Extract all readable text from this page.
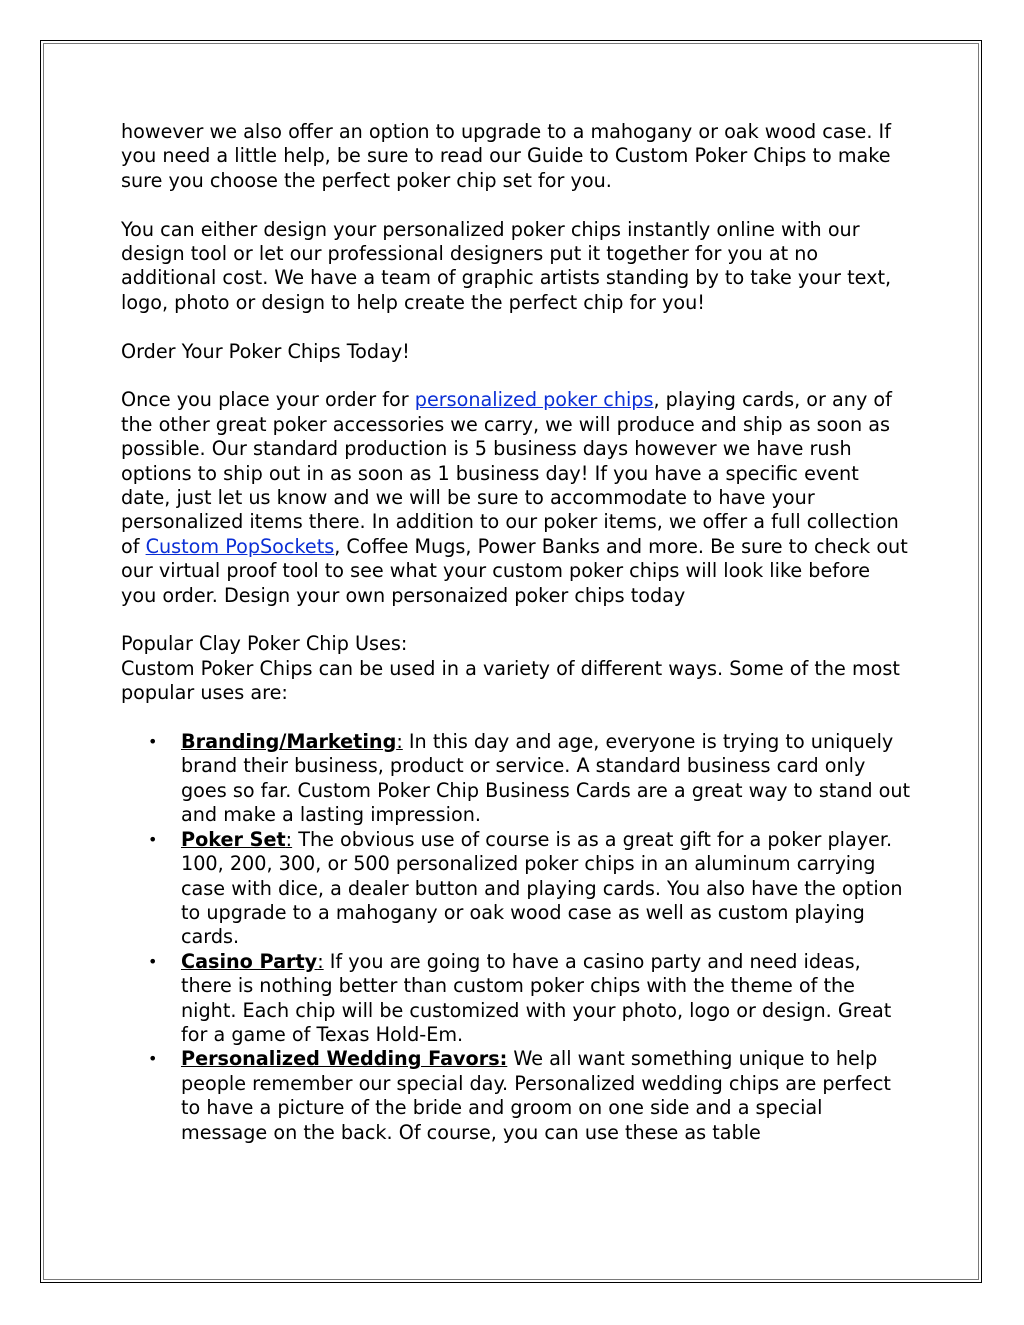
however we also offer an option to upgrade to a mahogany or oak wood case. If you need a little help, be sure to read our Guide to Custom Poker Chips to make sure you choose the perfect poker chip set for you.

You can either design your personalized poker chips instantly online with our design tool or let our professional designers put it together for you at no additional cost. We have a team of graphic artists standing by to take your text, logo, photo or design to help create the perfect chip for you!

Order Your Poker Chips Today!

Once you place your order for personalized poker chips, playing cards, or any of the other great poker accessories we carry, we will produce and ship as soon as possible. Our standard production is 5 business days however we have rush options to ship out in as soon as 1 business day! If you have a specific event date, just let us know and we will be sure to accommodate to have your personalized items there. In addition to our poker items, we offer a full collection of Custom PopSockets, Coffee Mugs, Power Banks and more. Be sure to check out our virtual proof tool to see what your custom poker chips will look like before you order. Design your own personaized poker chips today

Popular Clay Poker Chip Uses:

Custom Poker Chips can be used in a variety of different ways. Some of the most popular uses are:

• Branding/Marketing: In this day and age, everyone is trying to uniquely brand their business, product or service. A standard business card only goes so far. Custom Poker Chip Business Cards are a great way to stand out and make a lasting impression.
• Poker Set: The obvious use of course is as a great gift for a poker player. 100, 200, 300, or 500 personalized poker chips in an aluminum carrying case with dice, a dealer button and playing cards. You also have the option to upgrade to a mahogany or oak wood case as well as custom playing cards.
• Casino Party: If you are going to have a casino party and need ideas, there is nothing better than custom poker chips with the theme of the night. Each chip will be customized with your photo, logo or design. Great for a game of Texas Hold-Em.
• Personalized Wedding Favors: We all want something unique to help people remember our special day. Personalized wedding chips are perfect to have a picture of the bride and groom on one side and a special message on the back. Of course, you can use these as table
